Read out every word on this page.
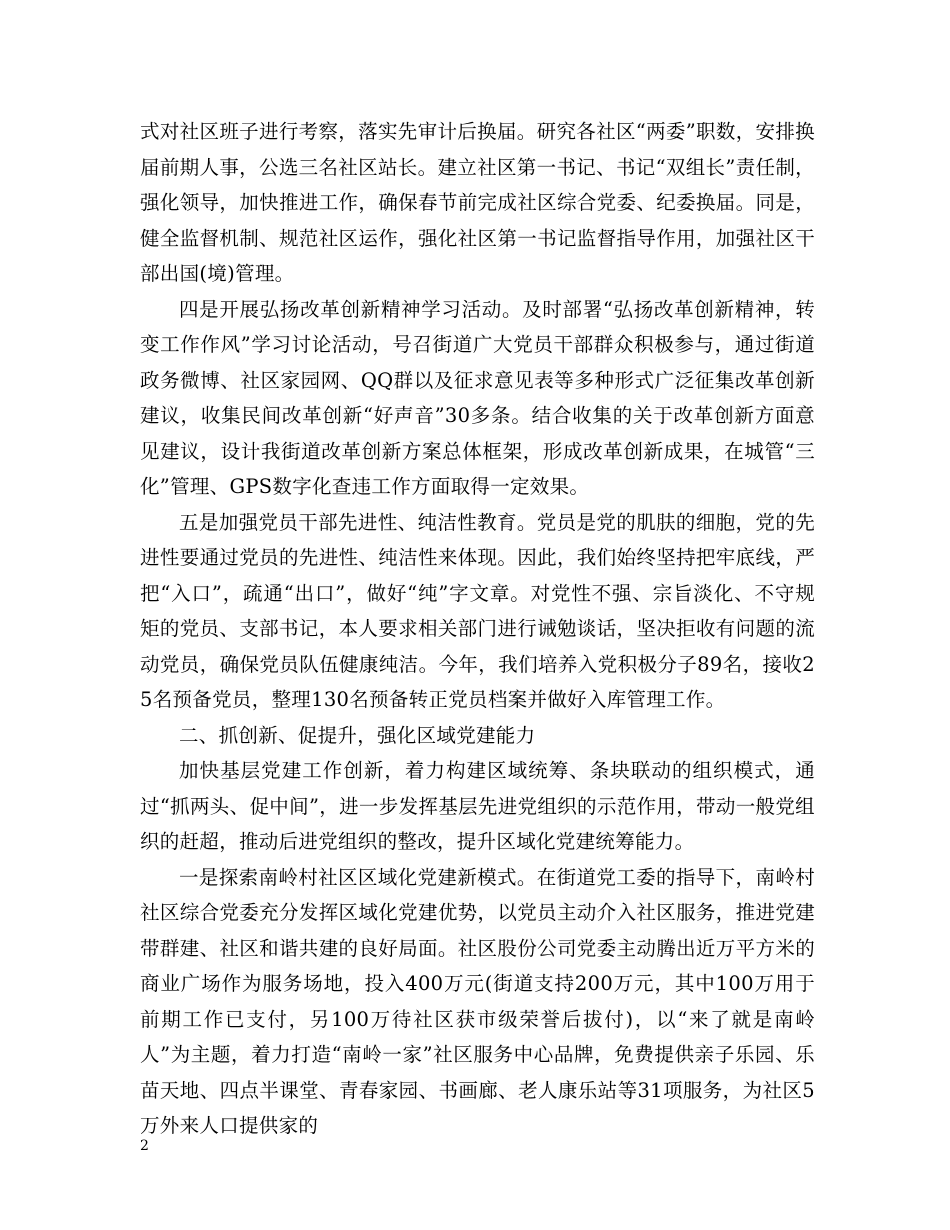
式对社区班子进行考察，落实先审计后换届。研究各社区“两委”职数，安排换届前期人事，公选三名社区站长。建立社区第一书记、书记“双组长”责任制，强化领导，加快推进工作，确保春节前完成社区综合党委、纪委换届。同是，健全监督机制、规范社区运作，强化社区第一书记监督指导作用，加强社区干部出国(境)管理。

四是开展弘扬改革创新精神学习活动。及时部署“弘扬改革创新精神，转变工作作风”学习讨论活动，号召街道广大党员干部群众积极参与，通过街道政务微博、社区家园网、QQ群以及征求意见表等多种形式广泛征集改革创新建议，收集民间改革创新“好声音”30多条。结合收集的关于改革创新方面意见建议，设计我街道改革创新方案总体框架，形成改革创新成果，在城管“三化”管理、GPS数字化查违工作方面取得一定效果。

五是加强党员干部先进性、纯洁性教育。党员是党的肌肤的细胞，党的先进性要通过党员的先进性、纯洁性来体现。因此，我们始终坚持把牢底线，严把“入口”，疏通“出口”，做好“纯”字文章。对党性不强、宗旨淡化、不守规矩的党员、支部书记，本人要求相关部门进行诫勉谈话，坚决拒收有问题的流动党员，确保党员队伍健康纯洁。今年，我们培养入党积极分子89名，接收25名预备党员，整理130名预备转正党员档案并做好入库管理工作。

二、抓创新、促提升，强化区域党建能力

加快基层党建工作创新，着力构建区域统筹、条块联动的组织模式，通过“抓两头、促中间”，进一步发挥基层先进党组织的示范作用，带动一般党组织的赶超，推动后进党组织的整改，提升区域化党建统筹能力。

一是探索南岭村社区区域化党建新模式。在街道党工委的指导下，南岭村社区综合党委充分发挥区域化党建优势，以党员主动介入社区服务，推进党建带群建、社区和谐共建的良好局面。社区股份公司党委主动腾出近万平方米的商业广场作为服务场地，投入400万元(街道支持200万元，其中100万用于前期工作已支付，另100万待社区获市级荣誉后拔付)，以“来了就是南岭人”为主题，着力打造“南岭一家”社区服务中心品牌，免费提供亲子乐园、乐苗天地、四点半课堂、青春家园、书画廊、老人康乐站等31项服务，为社区5万外来人口提供家的

2
